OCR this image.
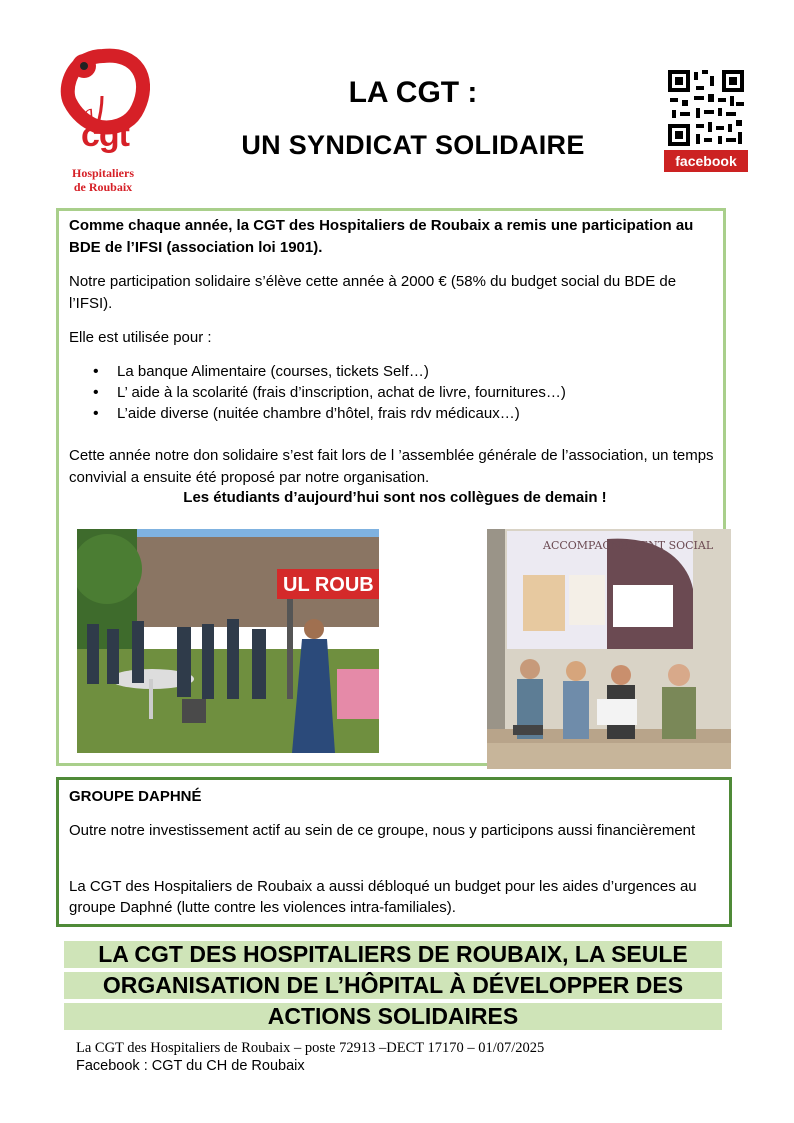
la
cgt
Hospitaliers
de Roubaix
LA CGT :
UN SYNDICAT SOLIDAIRE
facebook
Comme chaque année, la CGT des Hospitaliers de Roubaix a remis une participation au BDE de l’IFSI (association loi 1901).
Notre participation solidaire s’élève cette année à 2000 € (58% du budget social du BDE de l’IFSI).
Elle est utilisée pour :
• La banque Alimentaire (courses, tickets Self…)
• L’ aide à la scolarité (frais d’inscription, achat de livre, fournitures…)
• L’aide diverse (nuitée chambre d’hôtel, frais rdv médicaux…)
Cette année notre don solidaire s’est fait lors de l ’assemblée générale de l’association, un temps convivial a ensuite été proposé par notre organisation.
Les étudiants d’aujourd’hui sont nos collègues de demain !
UL ROUB
ACCOMPAGNEMENT SOCIAL
GROUPE DAPHNÉ
Outre notre investissement actif au sein de ce groupe, nous y participons aussi financièrement
La CGT des Hospitaliers de Roubaix a aussi débloqué un budget pour les aides d’urgences au groupe Daphné (lutte contre les violences intra-familiales).
LA CGT DES HOSPITALIERS DE ROUBAIX, LA SEULE
ORGANISATION DE L’HÔPITAL À DÉVELOPPER DES
ACTIONS SOLIDAIRES
La CGT des Hospitaliers de Roubaix – poste 72913 –DECT 17170 – 01/07/2025
Facebook : CGT du CH de Roubaix
